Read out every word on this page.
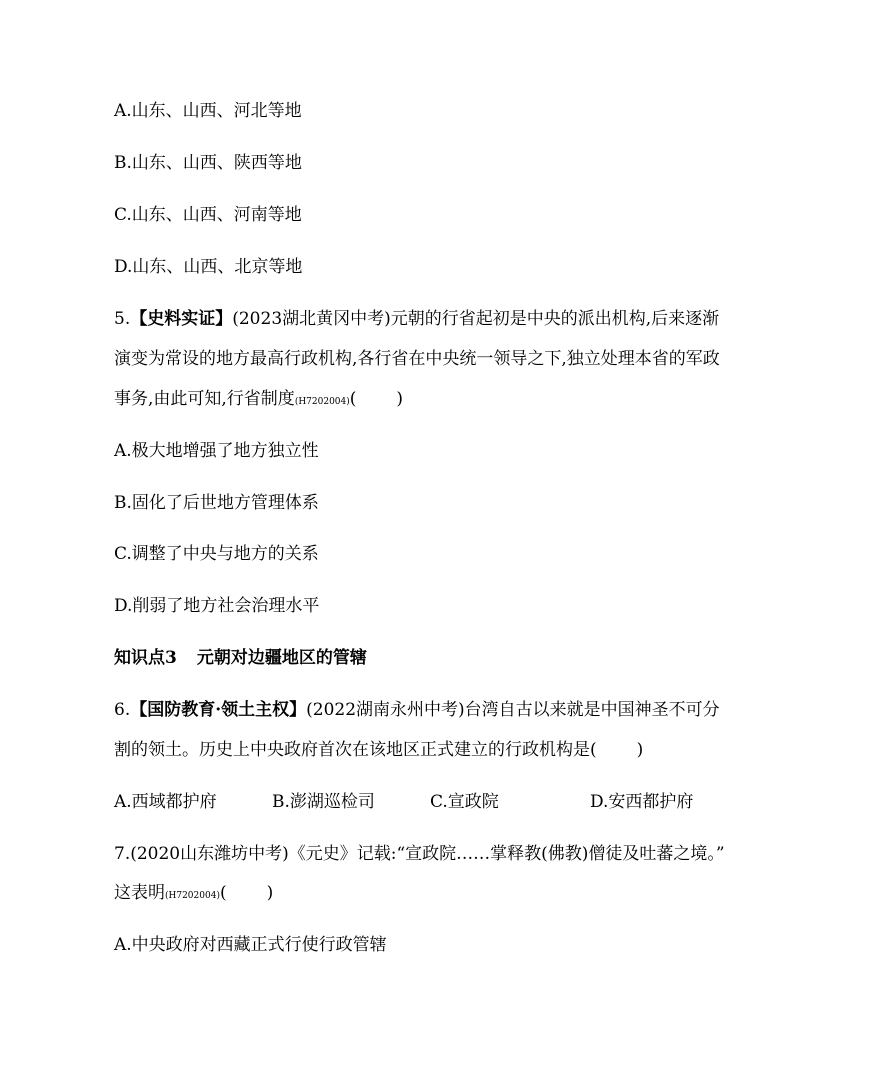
A.山东、山西、河北等地
B.山东、山西、陕西等地
C.山东、山西、河南等地
D.山东、山西、北京等地
5.【史料实证】(2023湖北黄冈中考)元朝的行省起初是中央的派出机构,后来逐渐
演变为常设的地方最高行政机构,各行省在中央统一领导之下,独立处理本省的军政
事务,由此可知,行省制度(H7202004)( )
A.极大地增强了地方独立性
B.固化了后世地方管理体系
C.调整了中央与地方的关系
D.削弱了地方社会治理水平
知识点3 元朝对边疆地区的管辖
6.【国防教育·领土主权】(2022湖南永州中考)台湾自古以来就是中国神圣不可分
割的领土。历史上中央政府首次在该地区正式建立的行政机构是( )
A.西域都护府	B.澎湖巡检司	C.宣政院	D.安西都护府
7.(2020山东潍坊中考)《元史》记载:“宣政院……掌释教(佛教)僧徒及吐蕃之境。”
这表明(H7202004)( )
A.中央政府对西藏正式行使行政管辖
